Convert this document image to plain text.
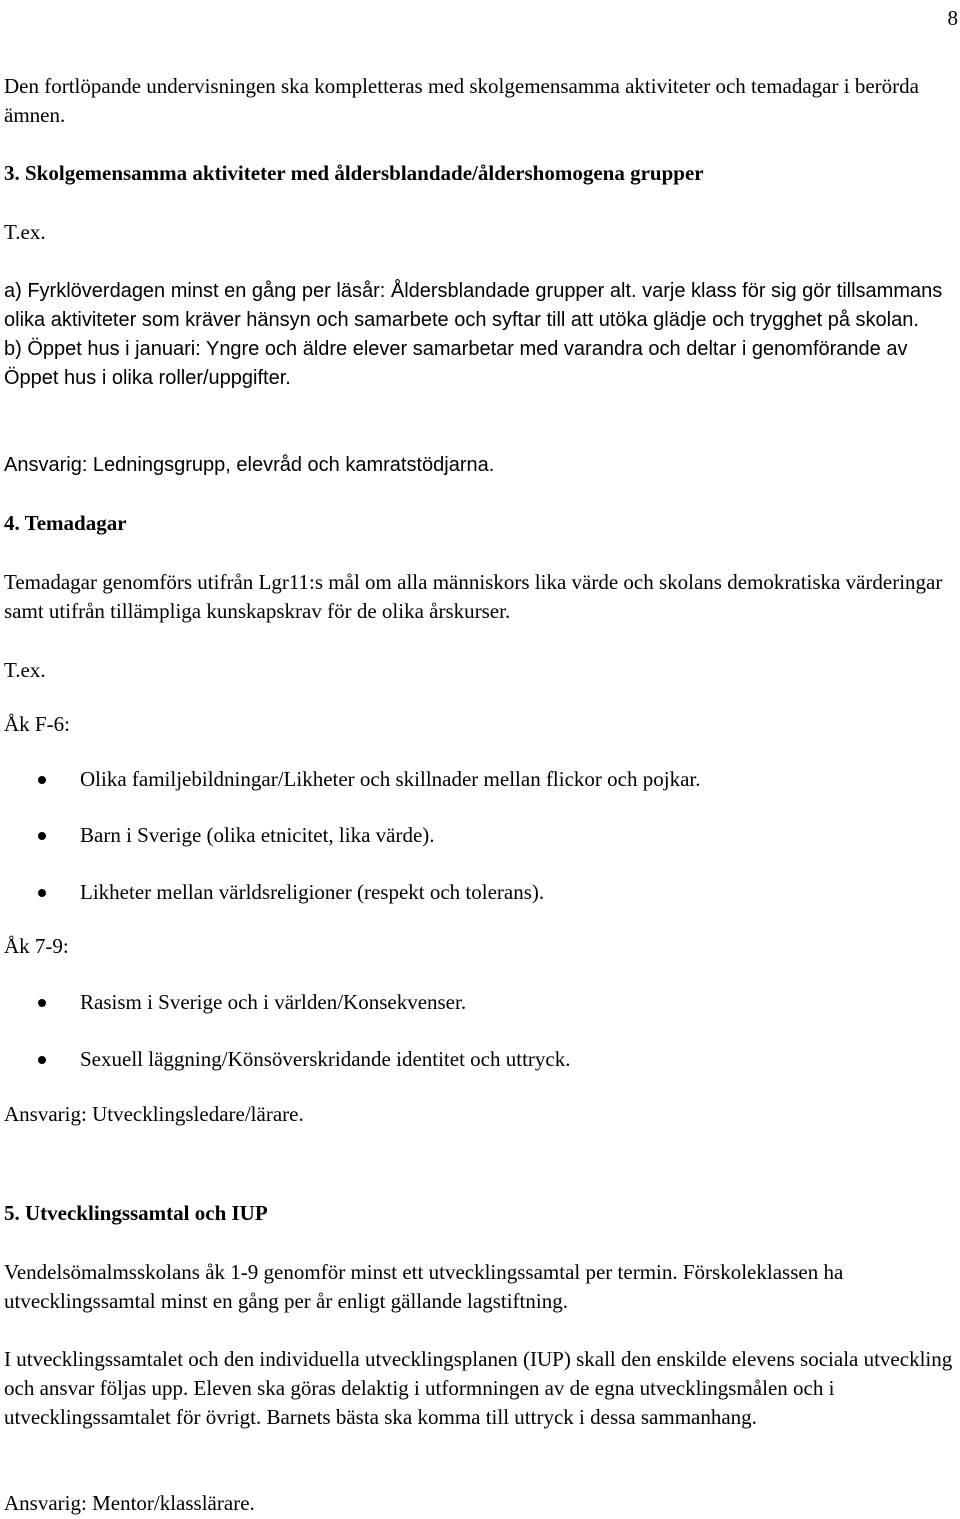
8

Den fortlöpande undervisningen ska kompletteras med skolgemensamma aktiviteter och temadagar i berörda ämnen.

3. Skolgemensamma aktiviteter med åldersblandade/åldershomogena grupper

T.ex.

a) Fyrklöverdagen minst en gång per läsår: Åldersblandade grupper alt. varje klass för sig gör tillsammans olika aktiviteter som kräver hänsyn och samarbete och syftar till att utöka glädje och trygghet på skolan.

b) Öppet hus i januari: Yngre och äldre elever samarbetar med varandra och deltar i genomförande av Öppet hus i olika roller/uppgifter.

Ansvarig: Ledningsgrupp, elevråd och kamratstödjarna.

4. Temadagar

Temadagar genomförs utifrån Lgr11:s mål om alla människors lika värde och skolans demokratiska värderingar samt utifrån tillämpliga kunskapskrav för de olika årskurser.

T.ex.

Åk F-6:

Olika familjebildningar/Likheter och skillnader mellan flickor och pojkar.

Barn i Sverige (olika etnicitet, lika värde).

Likheter mellan världsreligioner (respekt och tolerans).

Åk 7-9:

Rasism i Sverige och i världen/Konsekvenser.

Sexuell läggning/Könsöverskridande identitet och uttryck.

Ansvarig: Utvecklingsledare/lärare.

5. Utvecklingssamtal och IUP

Vendelsömalmsskolans åk 1-9 genomför minst ett utvecklingssamtal per termin. Förskoleklassen ha utvecklingssamtal minst en gång per år enligt gällande lagstiftning.

I utvecklingssamtalet och den individuella utvecklingsplanen (IUP) skall den enskilde elevens sociala utveckling och ansvar följas upp. Eleven ska göras delaktig i utformningen av de egna utvecklingsmålen och i utvecklingssamtalet för övrigt. Barnets bästa ska komma till uttryck i dessa sammanhang.

Ansvarig: Mentor/klasslärare.
